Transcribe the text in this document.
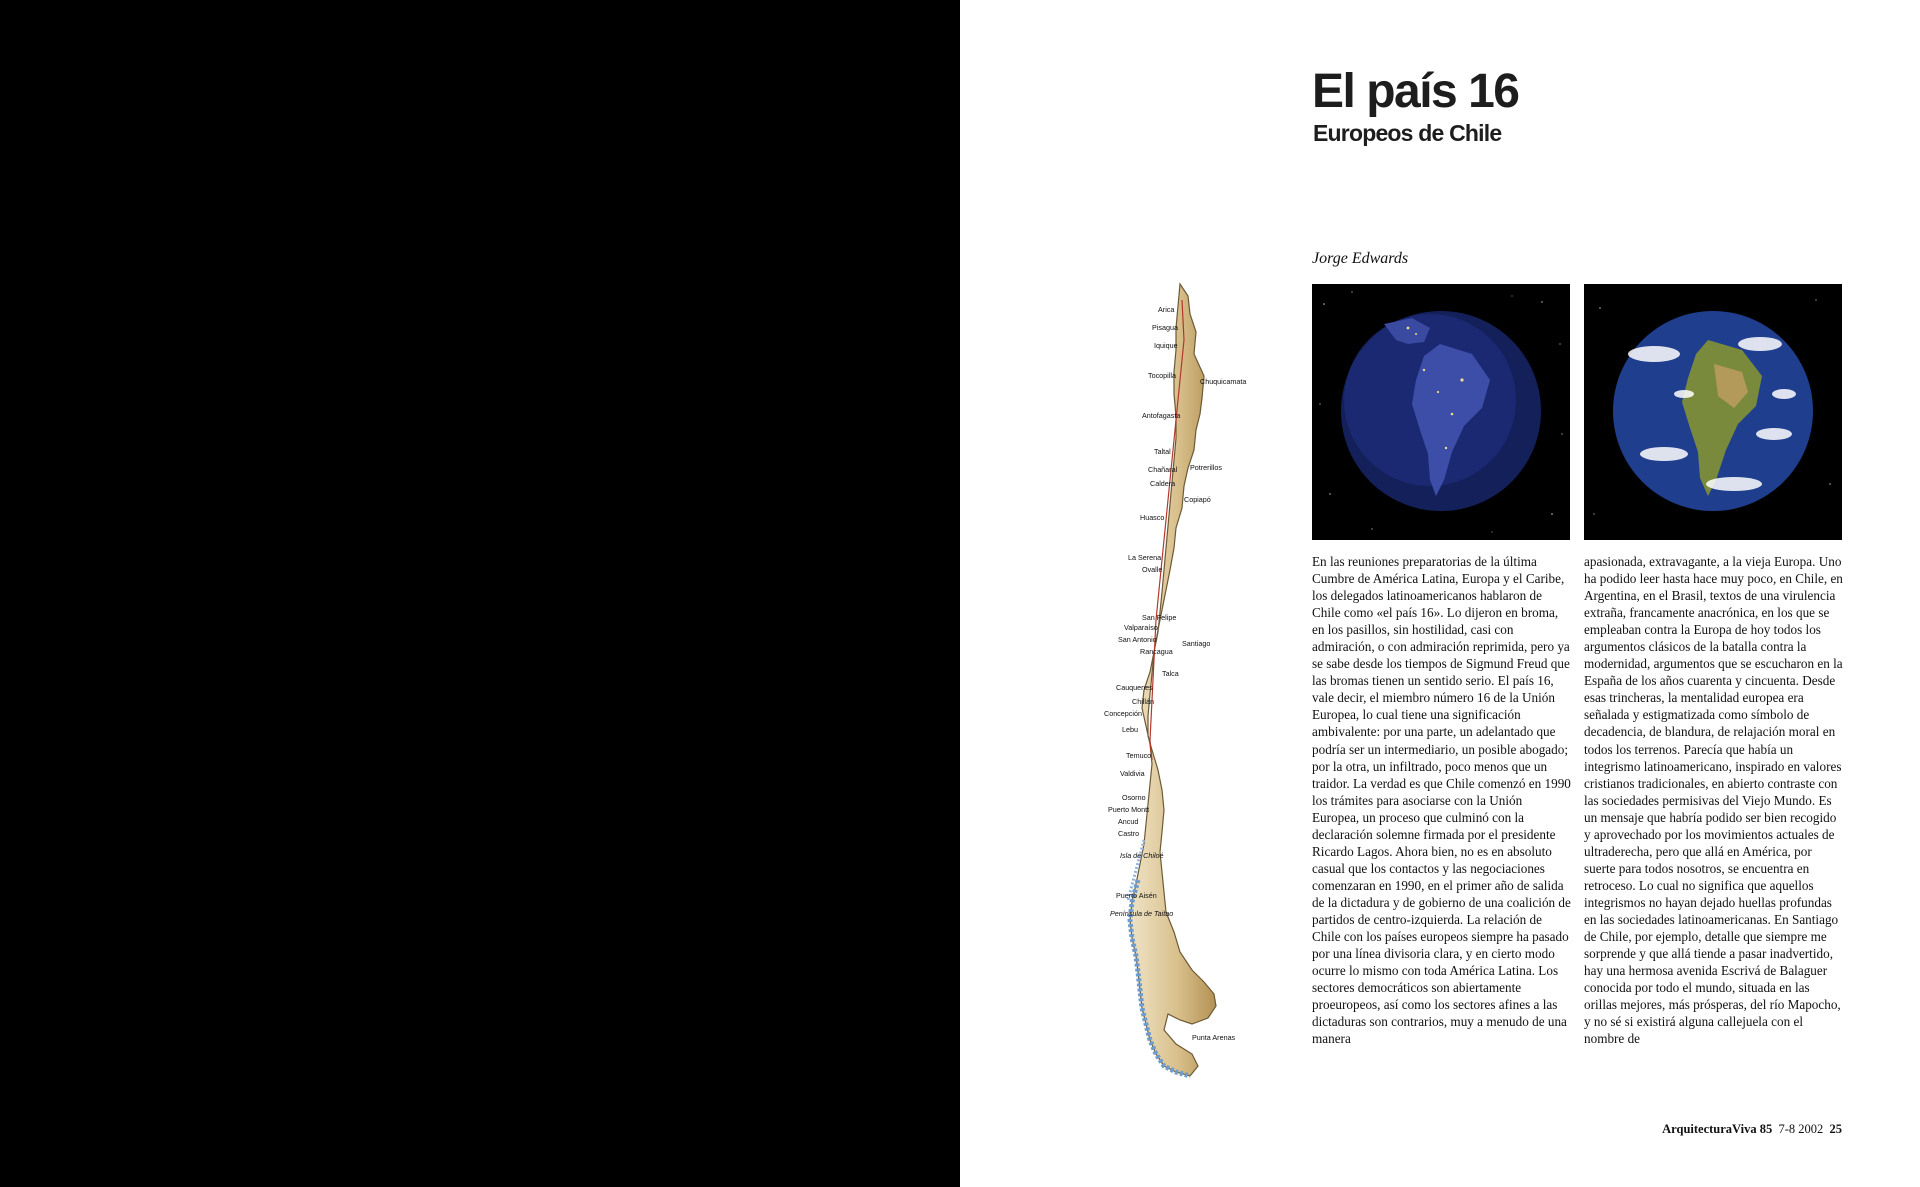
El país 16
Europeos de Chile
Jorge Edwards
Arica
Pisagua
Iquique
Tocopilla
Chuquicamata
Antofagasta
Taltal
Chañaral Potrerillos
Caldera
Copiapó
Huasco
La Serena
Ovalle
San Felipe
Valparaíso
San Antonio	Santiago
Rancagua
Talca
Cauquenes
Chillán
Concepción
Lebu
Temuco
Valdivia
Osorno
Puerto Montt
Ancud
Castro
Isla de Chiloé
Puerto Aisén
Península de Taitao
Punta Arenas
En las reuniones preparatorias de la última Cumbre de América Latina, Europa y el Caribe, los delegados latinoamericanos hablaron de Chile como «el país 16». Lo dijeron en broma, en los pasillos, sin hostilidad, casi con admiración, o con admiración reprimida, pero ya se sabe desde los tiempos de Sigmund Freud que las bromas tienen un sentido serio. El país 16, vale decir, el miembro número 16 de la Unión Europea, lo cual tiene una significación ambivalente: por una parte, un adelantado que podría ser un intermediario, un posible abogado; por la otra, un infiltrado, poco menos que un traidor. La verdad es que Chile comenzó en 1990 los trámites para asociarse con la Unión Europea, un proceso que culminó con la declaración solemne firmada por el presidente Ricardo Lagos. Ahora bien, no es en absoluto casual que los contactos y las negociaciones comenzaran en 1990, en el primer año de salida de la dictadura y de gobierno de una coalición de partidos de centro-izquierda. La relación de Chile con los países europeos siempre ha pasado por una línea divisoria clara, y en cierto modo ocurre lo mismo con toda América Latina. Los sectores democráticos son abiertamente proeuropeos, así como los sectores afines a las dictaduras son contrarios, muy a menudo de una manera
apasionada, extravagante, a la vieja Europa. Uno ha podido leer hasta hace muy poco, en Chile, en Argentina, en el Brasil, textos de una virulencia extraña, francamente anacrónica, en los que se empleaban contra la Europa de hoy todos los argumentos clásicos de la batalla contra la modernidad, argumentos que se escucharon en la España de los años cuarenta y cincuenta. Desde esas trincheras, la mentalidad europea era señalada y estigmatizada como símbolo de decadencia, de blandura, de relajación moral en todos los terrenos. Parecía que había un integrismo latinoamericano, inspirado en valores cristianos tradicionales, en abierto contraste con las sociedades permisivas del Viejo Mundo. Es un mensaje que habría podido ser bien recogido y aprovechado por los movimientos actuales de ultraderecha, pero que allá en América, por suerte para todos nosotros, se encuentra en retroceso. Lo cual no significa que aquellos integrismos no hayan dejado huellas profundas en las sociedades latinoamericanas. En Santiago de Chile, por ejemplo, detalle que siempre me sorprende y que allá tiende a pasar inadvertido, hay una hermosa avenida Escrivá de Balaguer conocida por todo el mundo, situada en las orillas mejores, más prósperas, del río Mapocho, y no sé si existirá alguna callejuela con el nombre de
ArquitecturaViva 85 7-8 2002 25
